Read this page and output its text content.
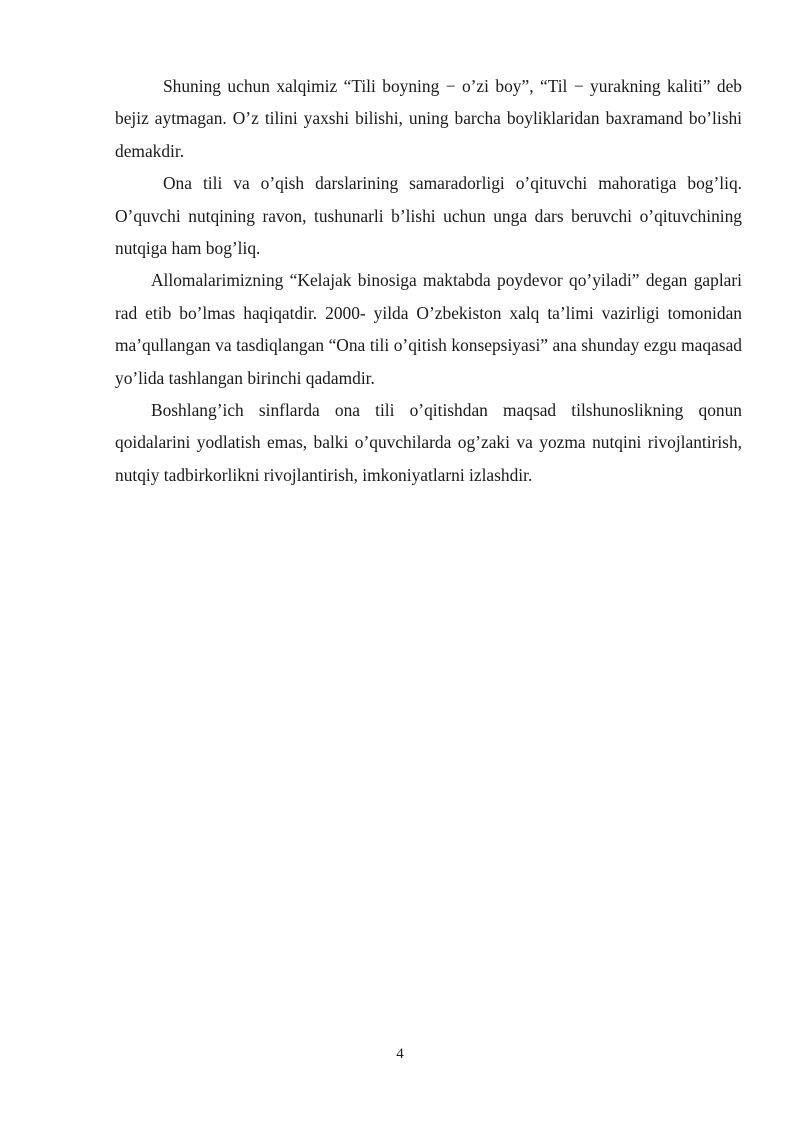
Shuning uchun xalqimiz “Tili boyning − o’zi boy”, “Til − yurakning kaliti” deb bejiz aytmagan. O’z tilini yaxshi bilishi, uning barcha boyliklaridan baxramand bo’lishi demakdir.

Ona tili va o’qish darslarining samaradorligi o’qituvchi mahoratiga bog’liq. O’quvchi nutqining ravon, tushunarli b’lishi uchun unga dars beruvchi o’qituvchining nutqiga ham bog’liq.

Allomalarimizning “Kelajak binosiga maktabda poydevor qo’yiladi” degan gaplari rad etib bo’lmas haqiqatdir. 2000- yilda O’zbekiston xalq ta’limi vazirligi tomonidan ma’qullangan va tasdiqlangan “Ona tili o’qitish konsepsiyasi” ana shunday ezgu maqasad yo’lida tashlangan birinchi qadamdir.

Boshlang’ich sinflarda ona tili o’qitishdan maqsad tilshunoslikning qonun qoidalarini yodlatish emas, balki o’quvchilarda og’zaki va yozma nutqini rivojlantirish, nutqiy tadbirkorlikni rivojlantirish, imkoniyatlarni izlashdir.

4
